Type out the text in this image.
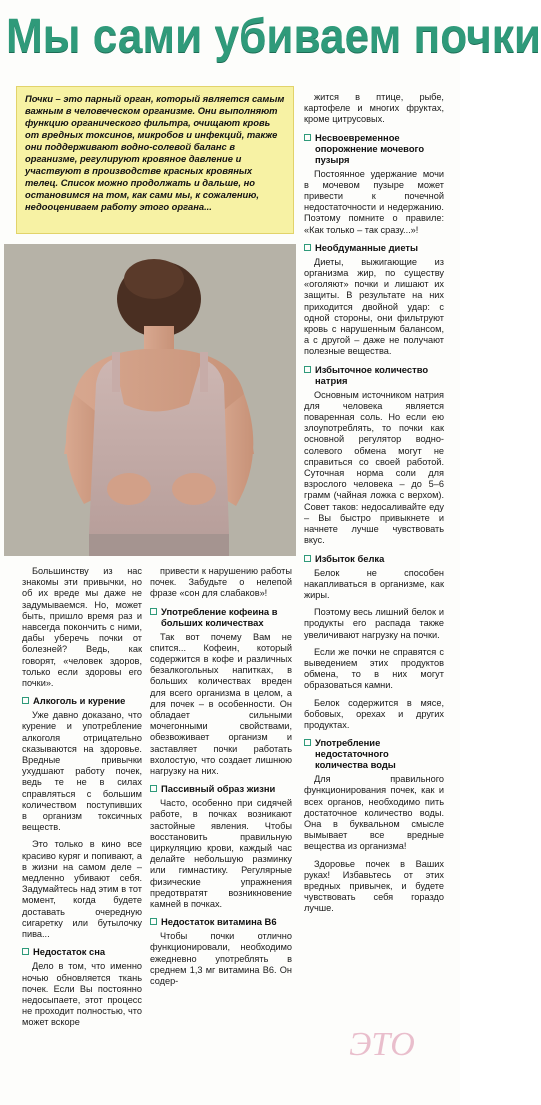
Мы сами убиваем почки

Почки – это парный орган, который является самым важным в человеческом организме. Они выполняют функцию органического фильтра, очищают кровь от вредных токсинов, микробов и инфекций, также они поддерживают водно-солевой баланс в организме, регулируют кровяное давление и участвуют в производстве красных кровяных телец. Список можно продолжать и дальше, но остановимся на том, как сами мы, к сожалению, недооцениваем работу этого органа...

Большинству из нас знакомы эти привычки, но об их вреде мы даже не задумываемся. Но, может быть, пришло время раз и навсегда покончить с ними, дабы уберечь почки от болезней? Ведь, как говорят, «человек здоров, только если здоровы его почки».

Алкоголь и курение

Уже давно доказано, что курение и употребление алкоголя отрицательно сказываются на здоровье. Вредные привычки ухудшают работу почек, ведь те не в силах справляться с большим количеством поступивших в организм токсичных веществ.

Это только в кино все красиво куряг и попивают, а в жизни на самом деле – медленно убивают себя. Задумайтесь над этим в тот момент, когда будете доставать очередную сигаретку или бутылочку пива...

Недостаток сна

Дело в том, что именно ночью обновляется ткань почек. Если Вы постоянно недосыпаете, этот процесс не проходит полностью, что может вскоре

привести к нарушению работы почек. Забудьте о нелепой фразе «сон для слабаков»!

Употребление кофеина в больших количествах

Так вот почему Вам не спится... Кофеин, который содержится в кофе и различных безалкогольных напитках, в больших количествах вреден для всего организма в целом, а для почек – в особенности. Он обладает сильными мочегонными свойствами, обезвоживает организм и заставляет почки работать вхолостую, что создает лишнюю нагрузку на них.

Пассивный образ жизни

Часто, особенно при сидячей работе, в почках возникают застойные явления. Чтобы восстановить правильную циркуляцию крови, каждый час делайте небольшую разминку или гимнастику. Регулярные физические упражнения предотвратят возникновение камней в почках.

Недостаток витамина В6

Чтобы почки отлично функционировали, необходимо ежедневно употреблять в среднем 1,3 мг витамина В6. Он содер-

жится в птице, рыбе, картофеле и многих фруктах, кроме цитрусовых.

Несвоевременное опорожнение мочевого пузыря

Постоянное удержание мочи в мочевом пузыре может привести к почечной недостаточности и недержанию. Поэтому помните о правиле: «Как только – так сразу...»!

Необдуманные диеты

Диеты, выжигающие из организма жир, по существу «оголяют» почки и лишают их защиты. В результате на них приходится двойной удар: с одной стороны, они фильтруют кровь с нарушенным балансом, а с другой – даже не получают полезные вещества.

Избыточное количество натрия

Основным источником натрия для человека является поваренная соль. Но если ею злоупотреблять, то почки как основной регулятор водно-солевого обмена могут не справиться со своей работой. Суточная норма соли для взрослого человека – до 5–6 грамм (чайная ложка с верхом). Совет таков: недосаливайте еду – Вы быстро привыкнете и начнете лучше чувствовать вкус.

Избыток белка

Белок не способен накапливаться в организме, как жиры.

Поэтому весь лишний белок и продукты его распада также увеличивают нагрузку на почки.

Если же почки не справятся с выведением этих продуктов обмена, то в них могут образоваться камни.

Белок содержится в мясе, бобовых, орехах и других продуктах.

Употребление недостаточного количества воды

Для правильного функционирования почек, как и всех органов, необходимо пить достаточное количество воды. Она в буквальном смысле вымывает все вредные вещества из организма!

Здоровье почек в Ваших руках! Избавьтесь от этих вредных привычек, и будете чувствовать себя гораздо лучше.

ЭТО
